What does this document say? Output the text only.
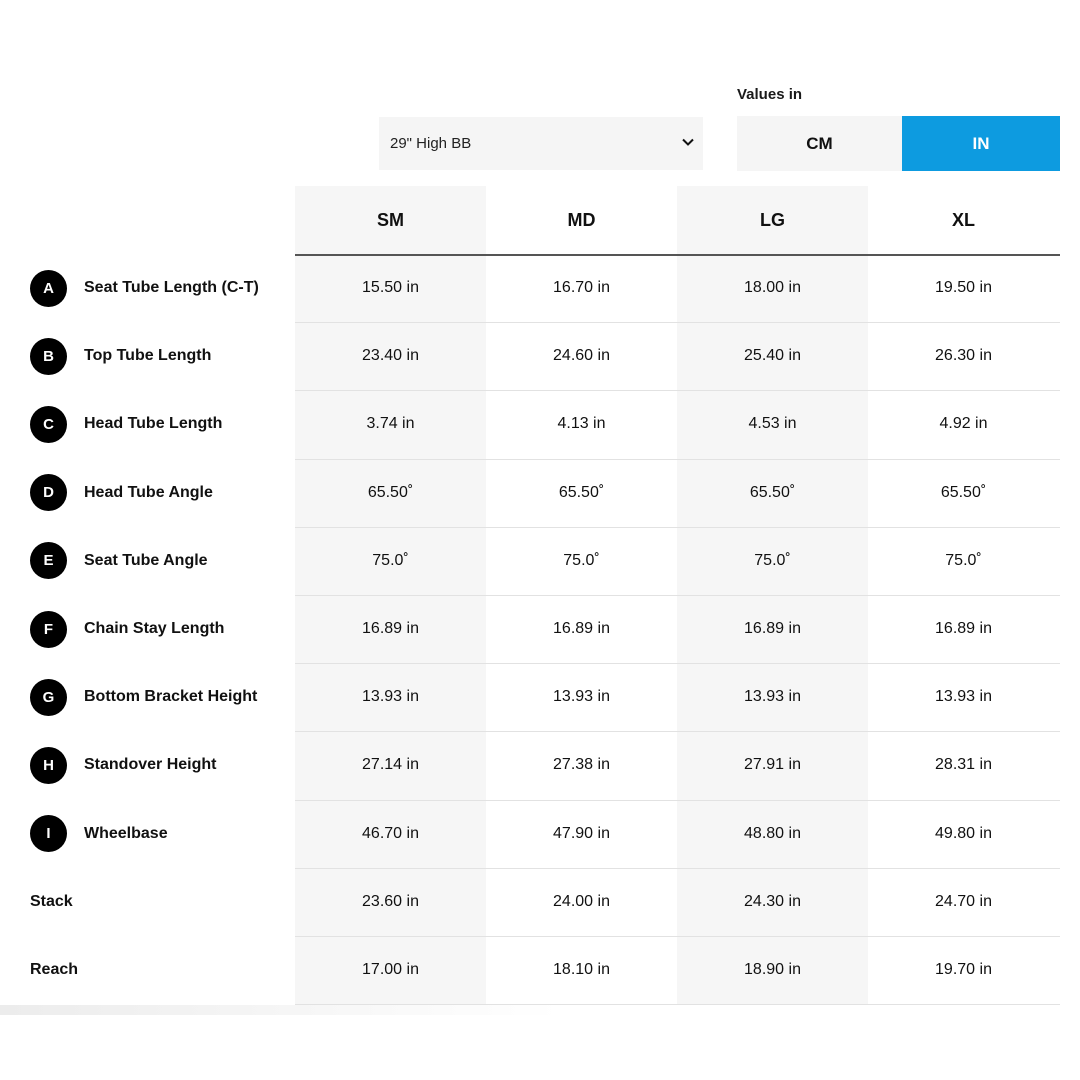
Values in
29" High BB	CM	IN
SM	MD	LG	XL
A	Seat Tube Length (C-T)	15.50 in	16.70 in	18.00 in	19.50 in
B	Top Tube Length	23.40 in	24.60 in	25.40 in	26.30 in
C	Head Tube Length	3.74 in	4.13 in	4.53 in	4.92 in
D	Head Tube Angle	65.50˚	65.50˚	65.50˚	65.50˚
E	Seat Tube Angle	75.0˚	75.0˚	75.0˚	75.0˚
F	Chain Stay Length	16.89 in	16.89 in	16.89 in	16.89 in
G	Bottom Bracket Height	13.93 in	13.93 in	13.93 in	13.93 in
H	Standover Height	27.14 in	27.38 in	27.91 in	28.31 in
I	Wheelbase	46.70 in	47.90 in	48.80 in	49.80 in
Stack	23.60 in	24.00 in	24.30 in	24.70 in
Reach	17.00 in	18.10 in	18.90 in	19.70 in
